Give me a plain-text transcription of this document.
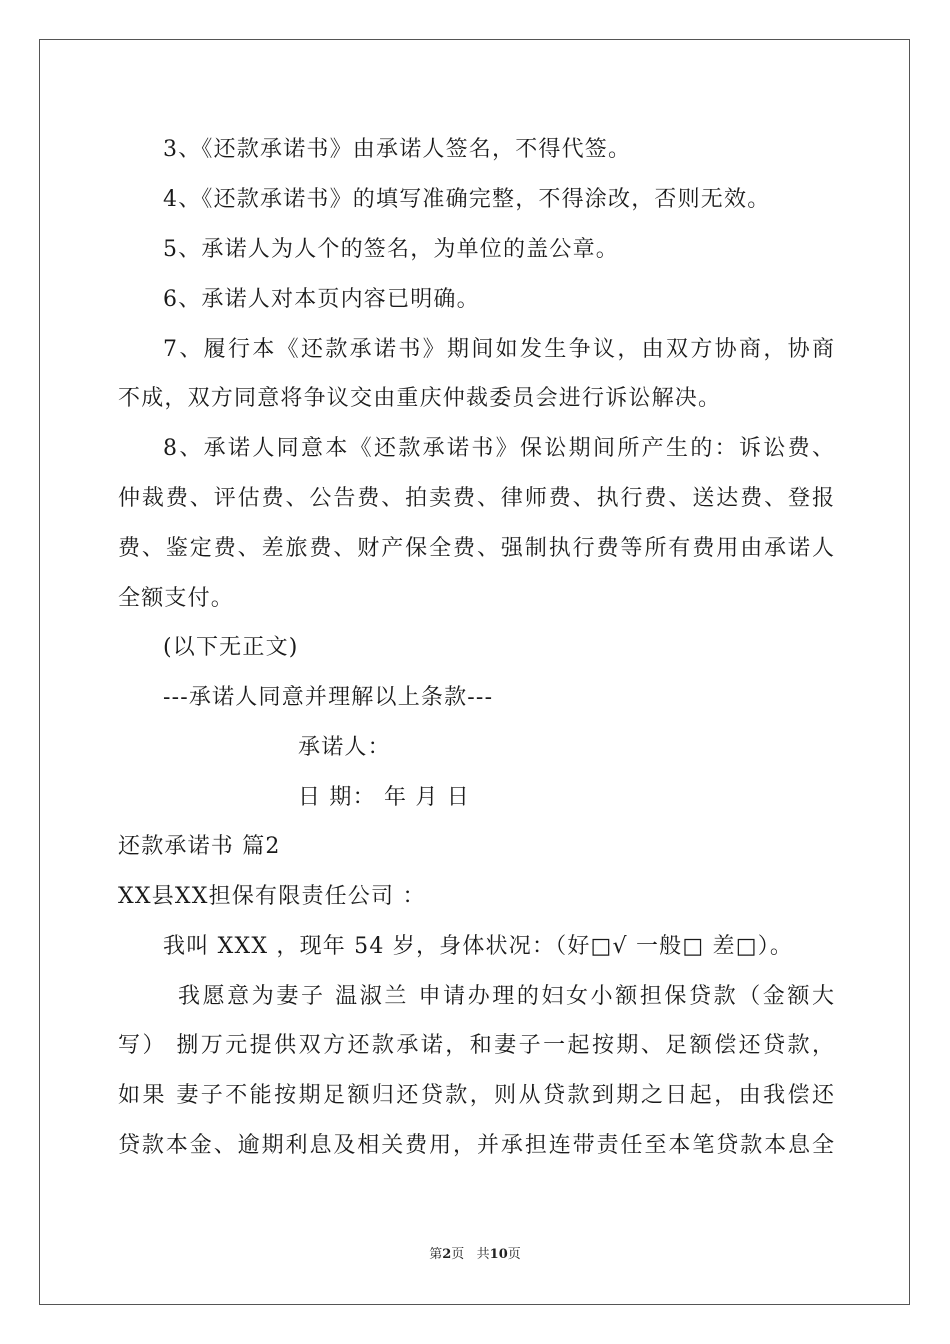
3、《还款承诺书》由承诺人签名，不得代签。
4、《还款承诺书》的填写准确完整，不得涂改，否则无效。
5、承诺人为人个的签名，为单位的盖公章。
6、承诺人对本页内容已明确。
7、履行本《还款承诺书》期间如发生争议，由双方协商，协商
不成，双方同意将争议交由重庆仲裁委员会进行诉讼解决。
8、承诺人同意本《还款承诺书》保讼期间所产生的：诉讼费、
仲裁费、评估费、公告费、拍卖费、律师费、执行费、送达费、登报
费、鉴定费、差旅费、财产保全费、强制执行费等所有费用由承诺人
全额支付。
(以下无正文)
---承诺人同意并理解以上条款---
承诺人：
日 期： 年 月 日
还款承诺书 篇2
XX县XX担保有限责任公司 ：
我叫 XXX ，现年 54 岁，身体状况：（好□√ 一般□ 差□）。
我愿意为妻子 温淑兰 申请办理的妇女小额担保贷款（金额大
写） 捌万元提供双方还款承诺，和妻子一起按期、足额偿还贷款，
如果 妻子不能按期足额归还贷款，则从贷款到期之日起，由我偿还
贷款本金、逾期利息及相关费用，并承担连带责任至本笔贷款本息全
第2页   共10页
